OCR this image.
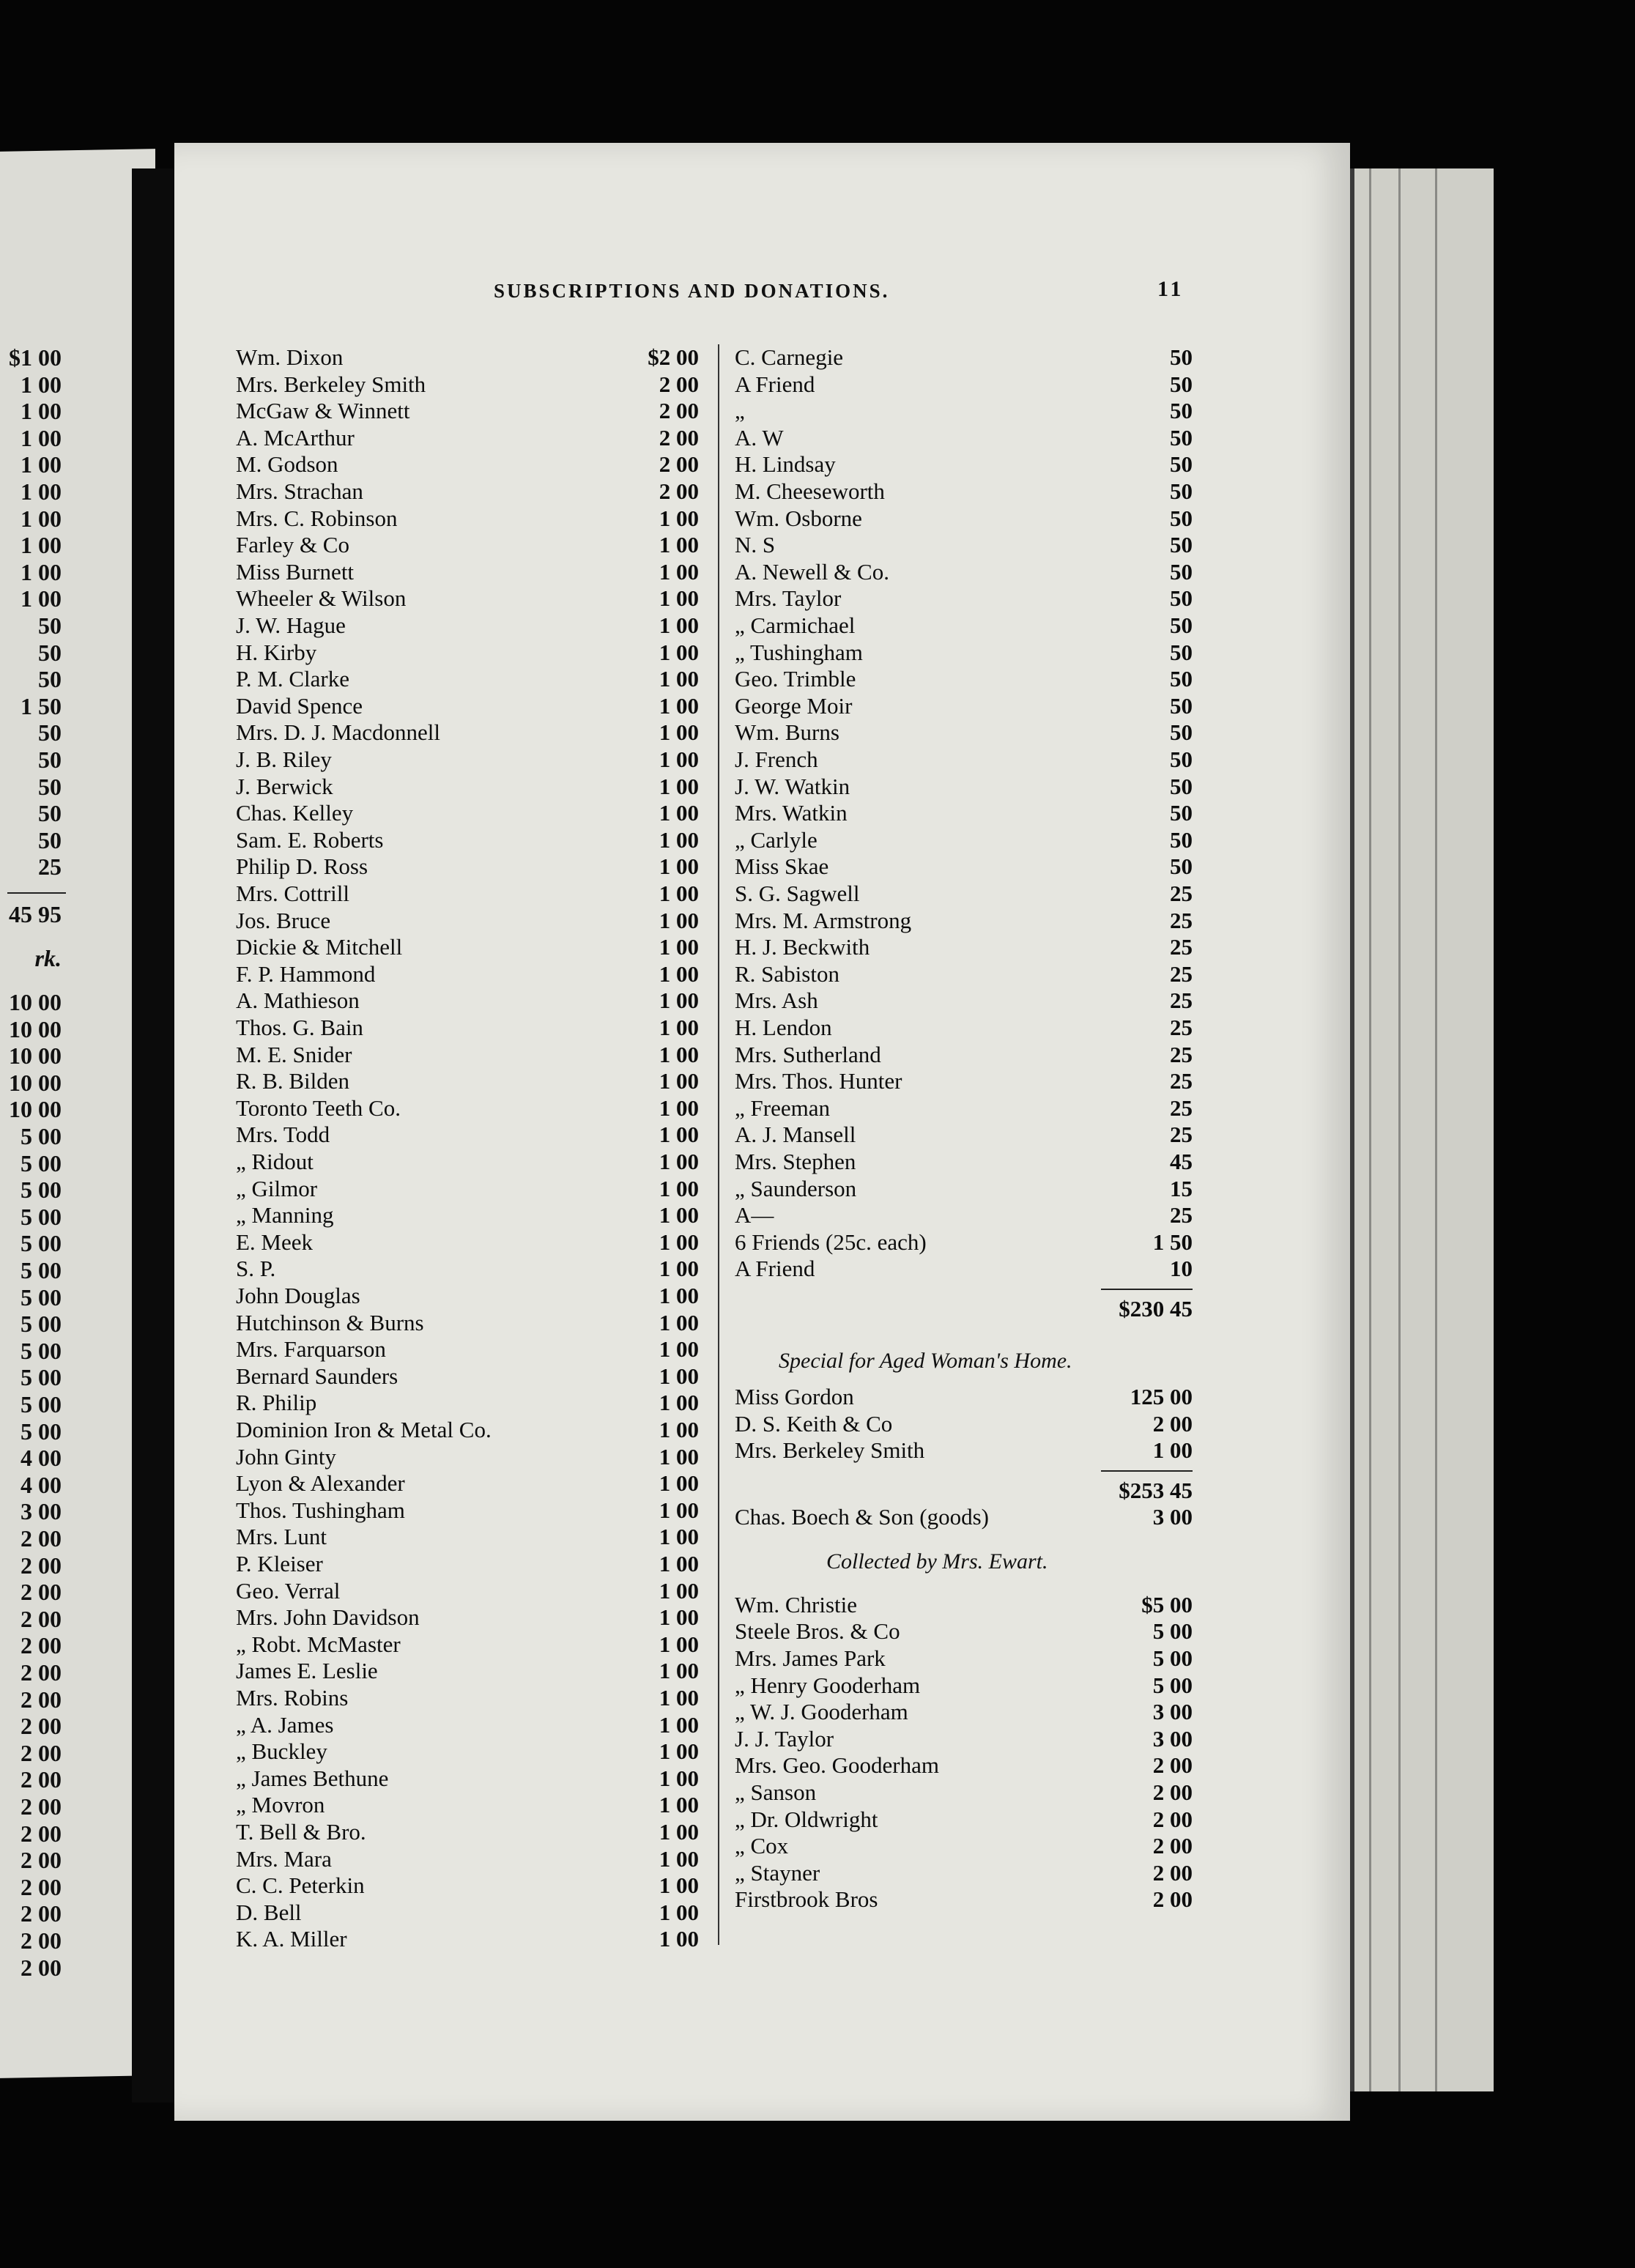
$1 00
1 00
1 00
1 00
1 00
1 00
1 00
1 00
1 00
1 00
50
50
50
1 50
50
50
50
50
50
25
45 95
rk.
10 00
10 00
10 00
10 00
10 00
5 00
5 00
5 00
5 00
5 00
5 00
5 00
5 00
5 00
5 00
5 00
5 00
4 00
4 00
3 00
2 00
2 00
2 00
2 00
2 00
2 00
2 00
2 00
2 00
2 00
2 00
2 00
2 00
2 00
2 00
2 00
2 00
SUBSCRIPTIONS AND DONATIONS.	11
Wm. Dixon	$2 00
Mrs. Berkeley Smith	2 00
McGaw & Winnett	2 00
A. McArthur	2 00
M. Godson	2 00
Mrs. Strachan	2 00
Mrs. C. Robinson	1 00
Farley & Co	1 00
Miss Burnett	1 00
Wheeler & Wilson	1 00
J. W. Hague	1 00
H. Kirby	1 00
P. M. Clarke	1 00
David Spence	1 00
Mrs. D. J. Macdonnell	1 00
J. B. Riley	1 00
J. Berwick	1 00
Chas. Kelley	1 00
Sam. E. Roberts	1 00
Philip D. Ross	1 00
Mrs. Cottrill	1 00
Jos. Bruce	1 00
Dickie & Mitchell	1 00
F. P. Hammond	1 00
A. Mathieson	1 00
Thos. G. Bain	1 00
M. E. Snider	1 00
R. B. Bilden	1 00
Toronto Teeth Co.	1 00
Mrs. Todd	1 00
„ Ridout	1 00
„ Gilmor	1 00
„ Manning	1 00
E. Meek	1 00
S. P.	1 00
John Douglas	1 00
Hutchinson & Burns	1 00
Mrs. Farquarson	1 00
Bernard Saunders	1 00
R. Philip	1 00
Dominion Iron & Metal Co.	1 00
John Ginty	1 00
Lyon & Alexander	1 00
Thos. Tushingham	1 00
Mrs. Lunt	1 00
P. Kleiser	1 00
Geo. Verral	1 00
Mrs. John Davidson	1 00
„ Robt. McMaster	1 00
James E. Leslie	1 00
Mrs. Robins	1 00
„ A. James	1 00
„ Buckley	1 00
„ James Bethune	1 00
„ Movron	1 00
T. Bell & Bro.	1 00
Mrs. Mara	1 00
C. C. Peterkin	1 00
D. Bell	1 00
K. A. Miller	1 00
C. Carnegie	50
A Friend	50
„	50
A. W	50
H. Lindsay	50
M. Cheeseworth	50
Wm. Osborne	50
N. S	50
A. Newell & Co.	50
Mrs. Taylor	50
„ Carmichael	50
„ Tushingham	50
Geo. Trimble	50
George Moir	50
Wm. Burns	50
J. French	50
J. W. Watkin	50
Mrs. Watkin	50
„ Carlyle	50
Miss Skae	50
S. G. Sagwell	25
Mrs. M. Armstrong	25
H. J. Beckwith	25
R. Sabiston	25
Mrs. Ash	25
H. Lendon	25
Mrs. Sutherland	25
Mrs. Thos. Hunter	25
„ Freeman	25
A. J. Mansell	25
Mrs. Stephen	45
„ Saunderson	15
A—	25
6 Friends (25c. each)	1 50
A Friend	10
$230 45
Special for Aged Woman's Home.
Miss Gordon	125 00
D. S. Keith & Co	2 00
Mrs. Berkeley Smith	1 00
$253 45
Chas. Boech & Son (goods)	3 00
Collected by Mrs. Ewart.
Wm. Christie	$5 00
Steele Bros. & Co	5 00
Mrs. James Park	5 00
„ Henry Gooderham	5 00
„ W. J. Gooderham	3 00
J. J. Taylor	3 00
Mrs. Geo. Gooderham	2 00
„ Sanson	2 00
„ Dr. Oldwright	2 00
„ Cox	2 00
„ Stayner	2 00
Firstbrook Bros	2 00
